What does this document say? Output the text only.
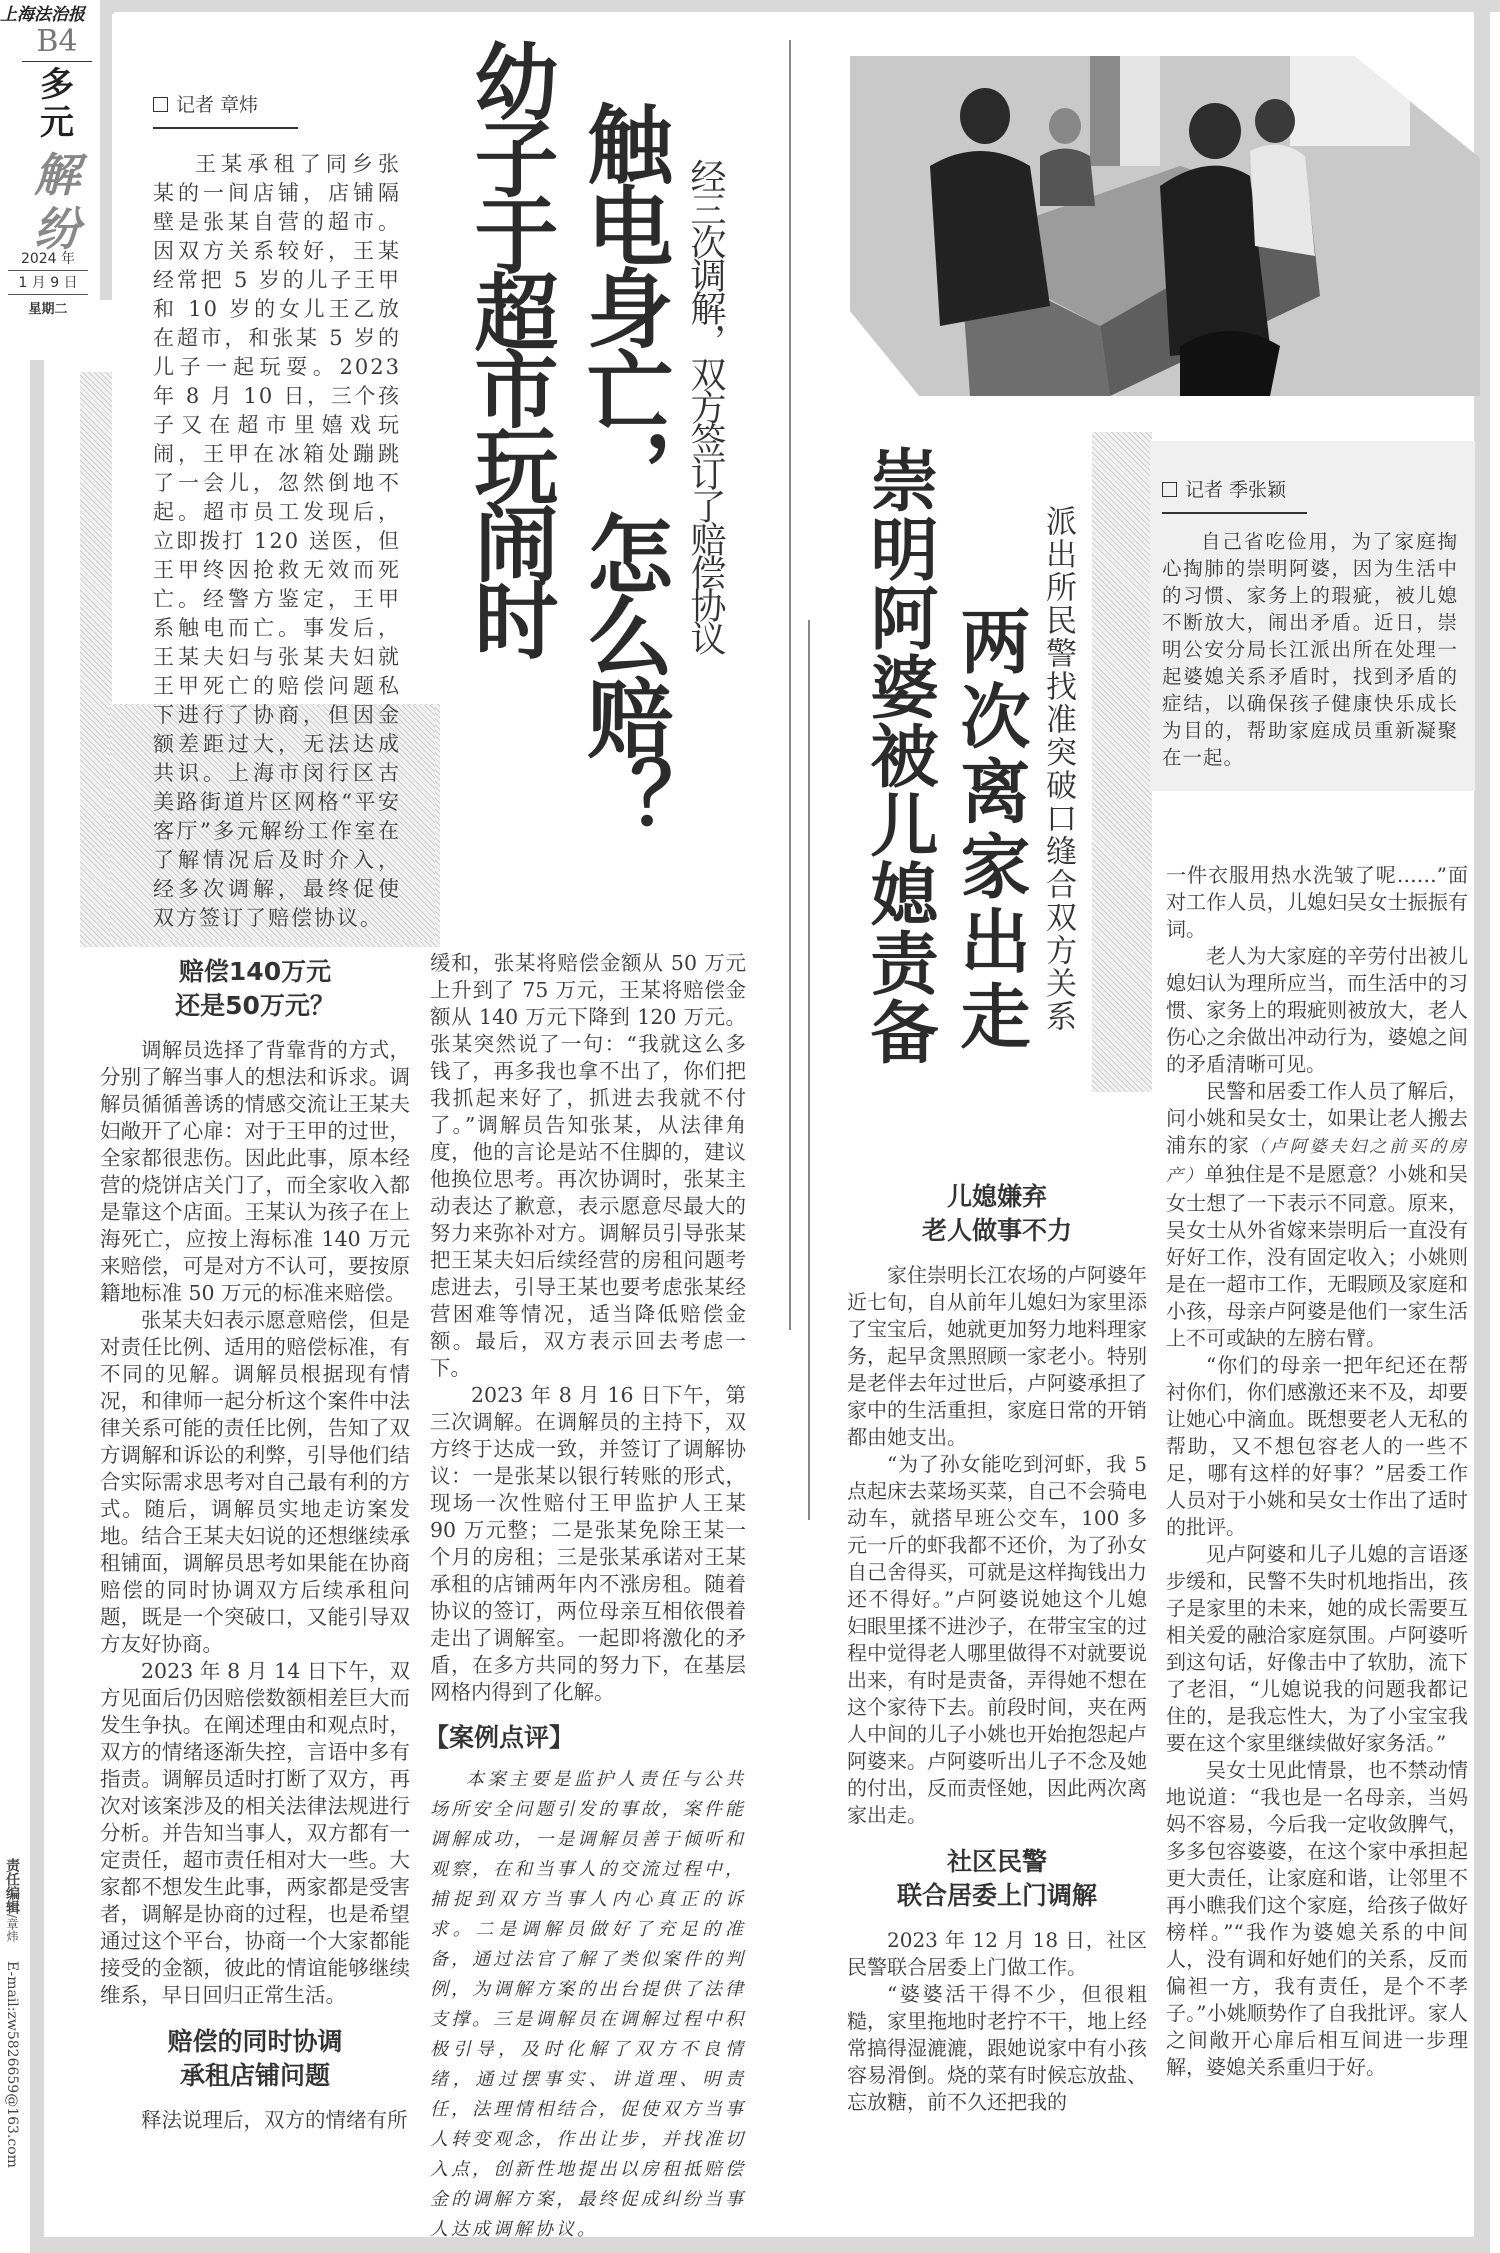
上海法治报
B4
多元
解纷
2024 年
1 月 9 日
星期二
责任编辑/章炜 E-mail:zw5826659@163.com
记者 章炜

王某承租了同乡张某的一间店铺，店铺隔壁是张某自营的超市。因双方关系较好，王某经常把 5 岁的儿子王甲和 10 岁的女儿王乙放在超市，和张某 5 岁的儿子一起玩耍。2023 年 8 月 10 日，三个孩子又在超市里嬉戏玩闹，王甲在冰箱处蹦跳了一会儿，忽然倒地不起。超市员工发现后，立即拨打 120 送医，但王甲终因抢救无效而死亡。经警方鉴定，王甲系触电而亡。事发后，王某夫妇与张某夫妇就王甲死亡的赔偿问题私下进行了协商，但因金额差距过大，无法达成共识。上海市闵行区古美路街道片区网格“平安客厅”多元解纷工作室在了解情况后及时介入，经多次调解，最终促使双方签订了赔偿协议。

幼子于超市玩闹时 触电身亡，怎么赔？ 经三次调解，双方签订了赔偿协议
赔偿140万元
还是50万元？

调解员选择了背靠背的方式，分别了解当事人的想法和诉求。调解员循循善诱的情感交流让王某夫妇敞开了心扉：对于王甲的过世，全家都很悲伤。因此此事，原本经营的烧饼店关门了，而全家收入都是靠这个店面。王某认为孩子在上海死亡，应按上海标准 140 万元来赔偿，可是对方不认可，要按原籍地标准 50 万元的标准来赔偿。

张某夫妇表示愿意赔偿，但是对责任比例、适用的赔偿标准，有不同的见解。调解员根据现有情况，和律师一起分析这个案件中法律关系可能的责任比例，告知了双方调解和诉讼的利弊，引导他们结合实际需求思考对自己最有利的方式。随后，调解员实地走访案发地。结合王某夫妇说的还想继续承租铺面，调解员思考如果能在协商赔偿的同时协调双方后续承租问题，既是一个突破口，又能引导双方友好协商。

2023 年 8 月 14 日下午，双方见面后仍因赔偿数额相差巨大而发生争执。在阐述理由和观点时，双方的情绪逐渐失控，言语中多有指责。调解员适时打断了双方，再次对该案涉及的相关法律法规进行分析。并告知当事人，双方都有一定责任，超市责任相对大一些。大家都不想发生此事，两家都是受害者，调解是协商的过程，也是希望通过这个平台，协商一个大家都能接受的金额，彼此的情谊能够继续维系，早日回归正常生活。

赔偿的同时协调
承租店铺问题

释法说理后，双方的情绪有所

缓和，张某将赔偿金额从 50 万元上升到了 75 万元，王某将赔偿金额从 140 万元下降到 120 万元。张某突然说了一句：“我就这么多钱了，再多我也拿不出了，你们把我抓起来好了，抓进去我就不付了。”调解员告知张某，从法律角度，他的言论是站不住脚的，建议他换位思考。再次协调时，张某主动表达了歉意，表示愿意尽最大的努力来弥补对方。调解员引导张某把王某夫妇后续经营的房租问题考虑进去，引导王某也要考虑张某经营困难等情况，适当降低赔偿金额。最后，双方表示回去考虑一下。

2023 年 8 月 16 日下午，第三次调解。在调解员的主持下，双方终于达成一致，并签订了调解协议：一是张某以银行转账的形式，现场一次性赔付王甲监护人王某 90 万元整；二是张某免除王某一个月的房租；三是张某承诺对王某承租的店铺两年内不涨房租。随着协议的签订，两位母亲互相依偎着走出了调解室。一起即将激化的矛盾，在多方共同的努力下，在基层网格内得到了化解。

【案例点评】

本案主要是监护人责任与公共场所安全问题引发的事故，案件能调解成功，一是调解员善于倾听和观察，在和当事人的交流过程中，捕捉到双方当事人内心真正的诉求。二是调解员做好了充足的准备，通过法官了解了类似案件的判例，为调解方案的出台提供了法律支撑。三是调解员在调解过程中积极引导，及时化解了双方不良情绪，通过摆事实、讲道理、明责任，法理情相结合，促使双方当事人转变观念，作出让步，并找准切入点，创新性地提出以房租抵赔偿金的调解方案，最终促成纠纷当事人达成调解协议。

崇明阿婆被儿媳责备 两次离家出走 派出所民警找准突破口缝合双方关系
记者 季张颖

自己省吃俭用，为了家庭掏心掏肺的崇明阿婆，因为生活中的习惯、家务上的瑕疵，被儿媳不断放大，闹出矛盾。近日，崇明公安分局长江派出所在处理一起婆媳关系矛盾时，找到矛盾的症结，以确保孩子健康快乐成长为目的，帮助家庭成员重新凝聚在一起。

儿媳嫌弃
老人做事不力

家住崇明长江农场的卢阿婆年近七旬，自从前年儿媳妇为家里添了宝宝后，她就更加努力地料理家务，起早贪黑照顾一家老小。特别是老伴去年过世后，卢阿婆承担了家中的生活重担，家庭日常的开销都由她支出。

“为了孙女能吃到河虾，我 5 点起床去菜场买菜，自己不会骑电动车，就搭早班公交车，100 多元一斤的虾我都不还价，为了孙女自己舍得买，可就是这样掏钱出力还不得好。”卢阿婆说她这个儿媳妇眼里揉不进沙子，在带宝宝的过程中觉得老人哪里做得不对就要说出来，有时是责备，弄得她不想在这个家待下去。前段时间，夹在两人中间的儿子小姚也开始抱怨起卢阿婆来。卢阿婆听出儿子不念及她的付出，反而责怪她，因此两次离家出走。

社区民警
联合居委上门调解

2023 年 12 月 18 日，社区民警联合居委上门做工作。

“婆婆活干得不少，但很粗糙，家里拖地时老拧不干，地上经常搞得湿漉漉，跟她说家中有小孩容易滑倒。烧的菜有时候忘放盐、忘放糖，前不久还把我的

一件衣服用热水洗皱了呢……”面对工作人员，儿媳妇吴女士振振有词。

老人为大家庭的辛劳付出被儿媳妇认为理所应当，而生活中的习惯、家务上的瑕疵则被放大，老人伤心之余做出冲动行为，婆媳之间的矛盾清晰可见。

民警和居委工作人员了解后，问小姚和吴女士，如果让老人搬去浦东的家（卢阿婆夫妇之前买的房产）单独住是不是愿意？小姚和吴女士想了一下表示不同意。原来，吴女士从外省嫁来崇明后一直没有好好工作，没有固定收入；小姚则是在一超市工作，无暇顾及家庭和小孩，母亲卢阿婆是他们一家生活上不可或缺的左膀右臂。

“你们的母亲一把年纪还在帮衬你们，你们感激还来不及，却要让她心中滴血。既想要老人无私的帮助，又不想包容老人的一些不足，哪有这样的好事？”居委工作人员对于小姚和吴女士作出了适时的批评。

见卢阿婆和儿子儿媳的言语逐步缓和，民警不失时机地指出，孩子是家里的未来，她的成长需要互相关爱的融洽家庭氛围。卢阿婆听到这句话，好像击中了软肋，流下了老泪，“儿媳说我的问题我都记住的，是我忘性大，为了小宝宝我要在这个家里继续做好家务活。”

吴女士见此情景，也不禁动情地说道：“我也是一名母亲，当妈妈不容易，今后我一定收敛脾气，多多包容婆婆，在这个家中承担起更大责任，让家庭和谐，让邻里不再小瞧我们这个家庭，给孩子做好榜样。”“我作为婆媳关系的中间人，没有调和好她们的关系，反而偏袒一方，我有责任，是个不孝子。”小姚顺势作了自我批评。家人之间敞开心扉后相互间进一步理解，婆媳关系重归于好。
